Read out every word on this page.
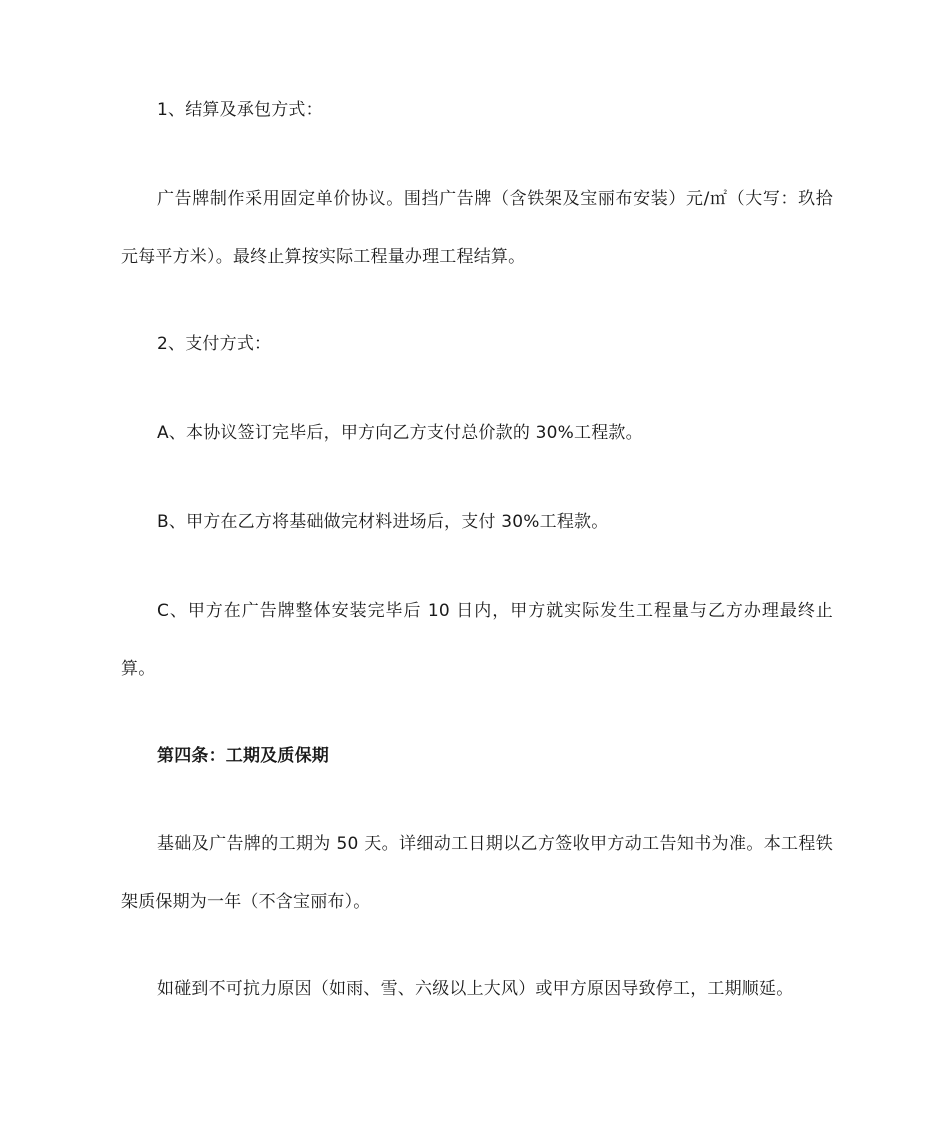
1、结算及承包方式：

广告牌制作采用固定单价协议。围挡广告牌（含铁架及宝丽布安装）元/㎡（大写：玖拾元每平方米）。最终止算按实际工程量办理工程结算。

2、支付方式：

A、本协议签订完毕后，甲方向乙方支付总价款的 30%工程款。

B、甲方在乙方将基础做完材料进场后，支付 30%工程款。

C、甲方在广告牌整体安装完毕后 10 日内，甲方就实际发生工程量与乙方办理最终止算。

第四条：工期及质保期

基础及广告牌的工期为 50 天。详细动工日期以乙方签收甲方动工告知书为准。本工程铁架质保期为一年（不含宝丽布）。

如碰到不可抗力原因（如雨、雪、六级以上大风）或甲方原因导致停工，工期顺延。
